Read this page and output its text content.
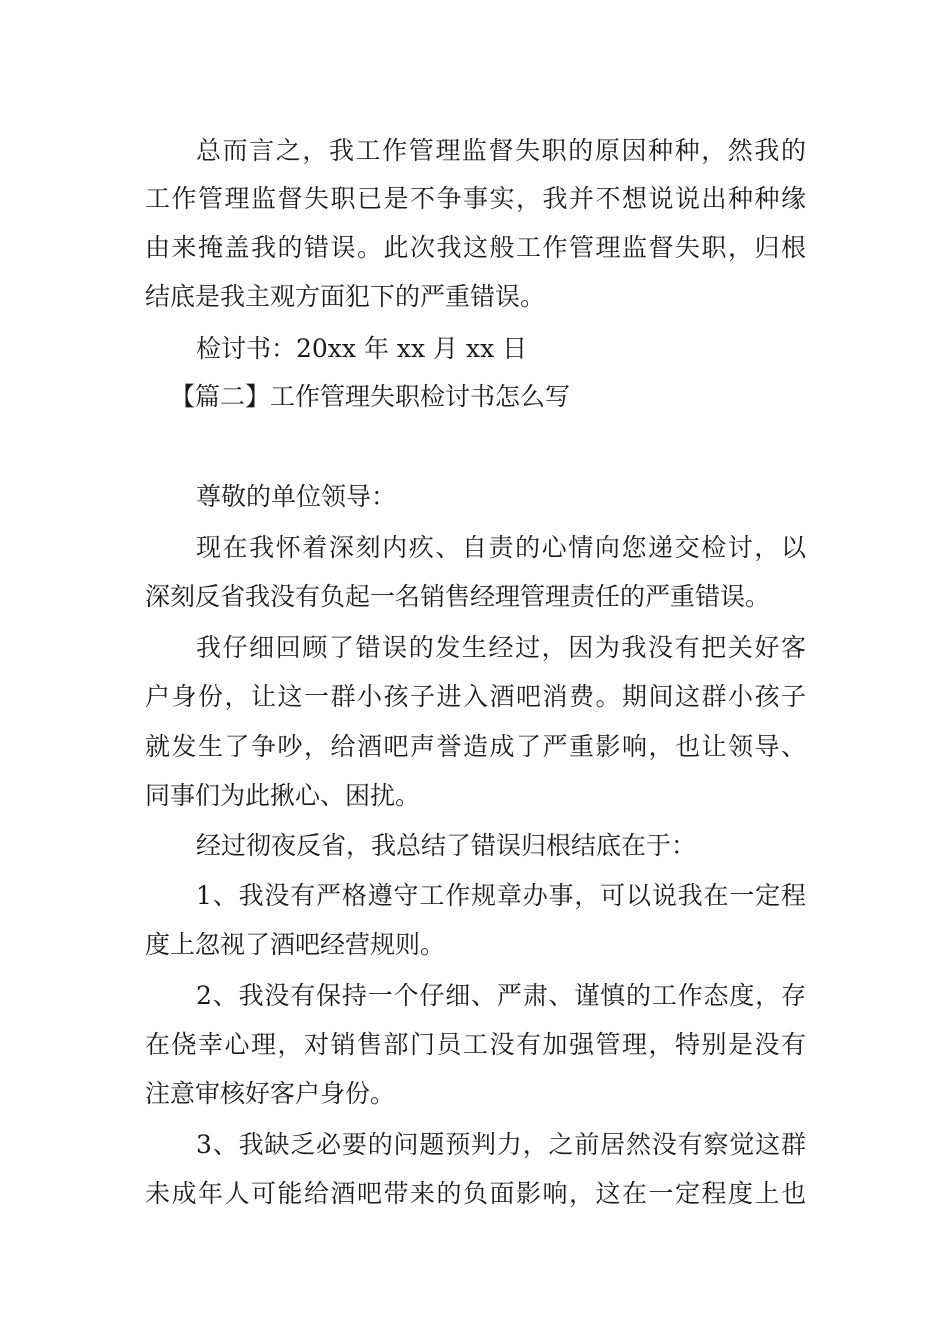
总而言之，我工作管理监督失职的原因种种，然我的

工作管理监督失职已是不争事实，我并不想说说出种种缘

由来掩盖我的错误。此次我这般工作管理监督失职，归根

结底是我主观方面犯下的严重错误。

检讨书：20xx 年 xx 月 xx 日

【篇二】工作管理失职检讨书怎么写

尊敬的单位领导：

现在我怀着深刻内疚、自责的心情向您递交检讨，以

深刻反省我没有负起一名销售经理管理责任的严重错误。

我仔细回顾了错误的发生经过，因为我没有把关好客

户身份，让这一群小孩子进入酒吧消费。期间这群小孩子

就发生了争吵，给酒吧声誉造成了严重影响，也让领导、

同事们为此揪心、困扰。

经过彻夜反省，我总结了错误归根结底在于：

1、我没有严格遵守工作规章办事，可以说我在一定程

度上忽视了酒吧经营规则。

2、我没有保持一个仔细、严肃、谨慎的工作态度，存

在侥幸心理，对销售部门员工没有加强管理，特别是没有

注意审核好客户身份。

3、我缺乏必要的问题预判力，之前居然没有察觉这群

未成年人可能给酒吧带来的负面影响，这在一定程度上也
